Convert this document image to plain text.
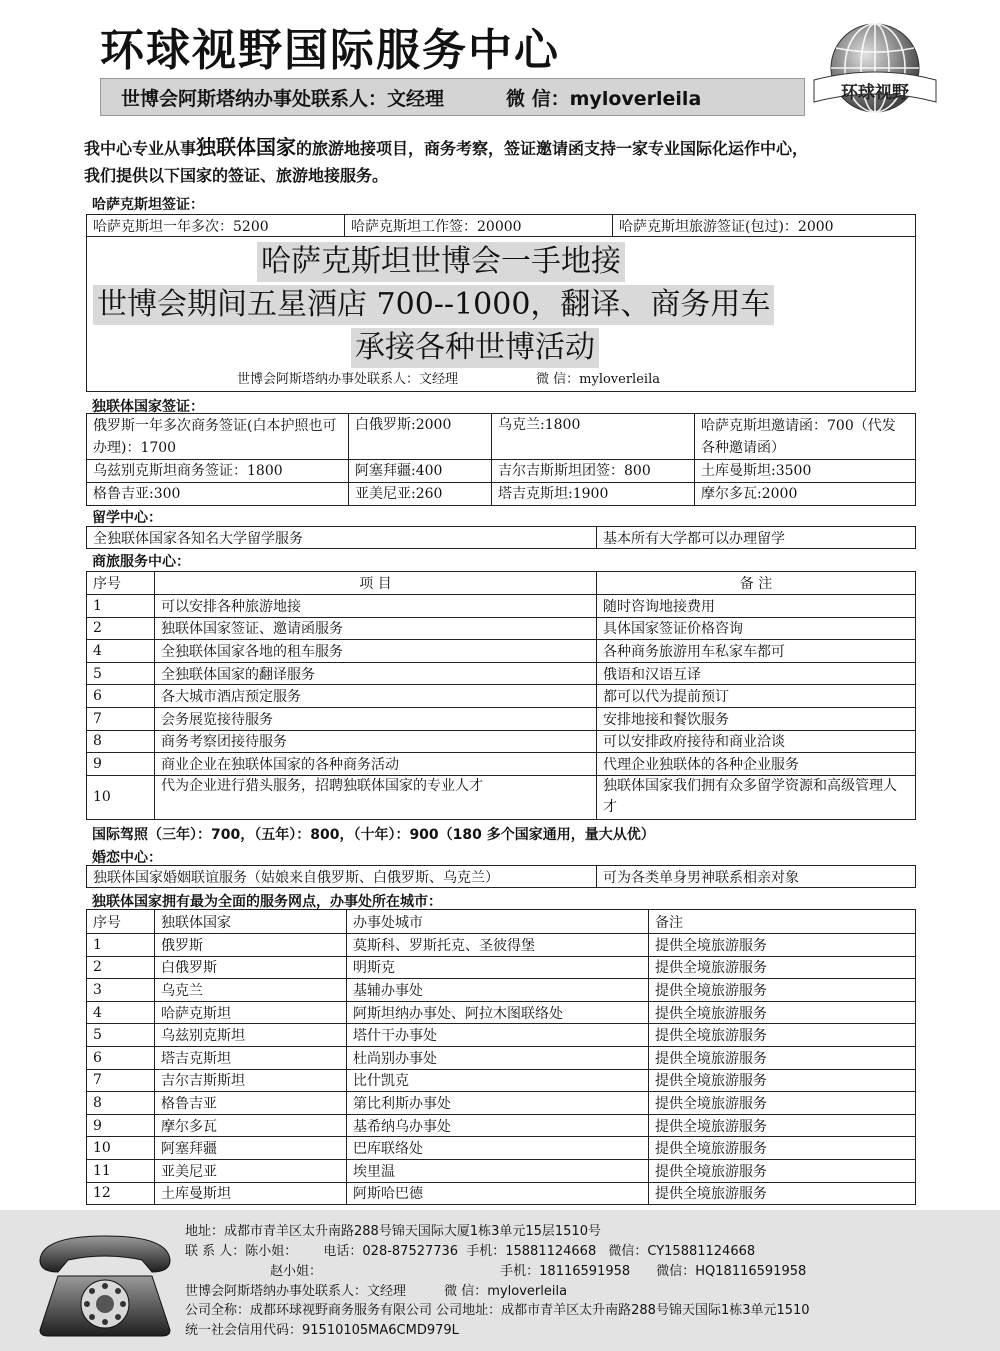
环球视野国际服务中心
世博会阿斯塔纳办事处联系人：文经理	微 信：myloverleila	环球视野
我中心专业从事独联体国家的旅游地接项目，商务考察，签证邀请函支持一家专业国际化运作中心，
我们提供以下国家的签证、旅游地接服务。
哈萨克斯坦签证：
哈萨克斯坦一年多次：5200	哈萨克斯坦工作签：20000	哈萨克斯坦旅游签证(包过)：2000
哈萨克斯坦世博会一手地接
世博会期间五星酒店 700--1000，翻译、商务用车
承接各种世博活动
世博会阿斯塔纳办事处联系人：文经理	微 信：myloverleila
独联体国家签证：
俄罗斯一年多次商务签证(白本护照也可办理)：1700	白俄罗斯:2000	乌克兰:1800	哈萨克斯坦邀请函：700（代发各种邀请函）
乌兹别克斯坦商务签证：1800	阿塞拜疆:400	吉尔吉斯斯坦团签：800	土库曼斯坦:3500
格鲁吉亚:300	亚美尼亚:260	塔吉克斯坦:1900	摩尔多瓦:2000
留学中心：
全独联体国家各知名大学留学服务	基本所有大学都可以办理留学
商旅服务中心：
序号	项 目	备 注
1	可以安排各种旅游地接	随时咨询地接费用
2	独联体国家签证、邀请函服务	具体国家签证价格咨询
4	全独联体国家各地的租车服务	各种商务旅游用车私家车都可
5	全独联体国家的翻译服务	俄语和汉语互译
6	各大城市酒店预定服务	都可以代为提前预订
7	会务展览接待服务	安排地接和餐饮服务
8	商务考察团接待服务	可以安排政府接待和商业洽谈
9	商业企业在独联体国家的各种商务活动	代理企业独联体的各种企业服务
10	代为企业进行猎头服务，招聘独联体国家的专业人才	独联体国家我们拥有众多留学资源和高级管理人才
国际驾照（三年）：700，（五年）：800，（十年）：900（180 多个国家通用，量大从优）
婚恋中心：
独联体国家婚姻联谊服务（姑娘来自俄罗斯、白俄罗斯、乌克兰）	可为各类单身男神联系相亲对象
独联体国家拥有最为全面的服务网点，办事处所在城市：
序号	独联体国家	办事处城市	备注
1	俄罗斯	莫斯科、罗斯托克、圣彼得堡	提供全境旅游服务
2	白俄罗斯	明斯克	提供全境旅游服务
3	乌克兰	基辅办事处	提供全境旅游服务
4	哈萨克斯坦	阿斯坦纳办事处、阿拉木图联络处	提供全境旅游服务
5	乌兹别克斯坦	塔什干办事处	提供全境旅游服务
6	塔吉克斯坦	杜尚别办事处	提供全境旅游服务
7	吉尔吉斯斯坦	比什凯克	提供全境旅游服务
8	格鲁吉亚	第比利斯办事处	提供全境旅游服务
9	摩尔多瓦	基希纳乌办事处	提供全境旅游服务
10	阿塞拜疆	巴库联络处	提供全境旅游服务
11	亚美尼亚	埃里温	提供全境旅游服务
12	土库曼斯坦	阿斯哈巴德	提供全境旅游服务
地址：成都市青羊区太升南路288号锦天国际大厦1栋3单元15层1510号
联 系 人：陈小姐： 电话：028-87527736 手机：15881124668 微信：CY15881124668
赵小姐：	手机：18116591958 微信：HQ18116591958
世博会阿斯塔纳办事处联系人：文经理	微 信：myloverleila
公司全称：成都环球视野商务服务有限公司 公司地址：成都市青羊区太升南路288号锦天国际1栋3单元1510
统一社会信用代码：91510105MA6CMD979L
